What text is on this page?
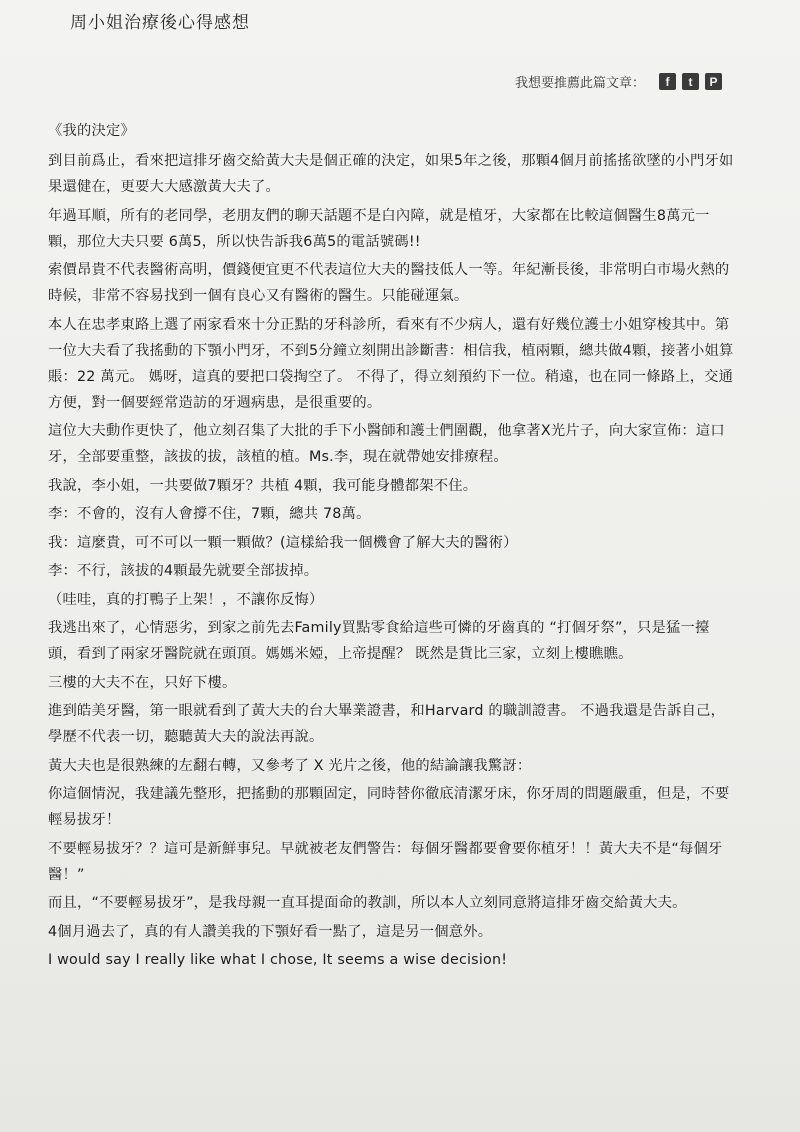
周小姐治療後心得感想
我想要推薦此篇文章：	f	t	P

《我的決定》

到目前爲止，看來把這排牙齒交給黃大夫是個正確的決定，如果5年之後，那顆4個月前搖搖欲墜的小門牙如果還健在，更要大大感激黃大夫了。

年過耳順，所有的老同學，老朋友們的聊天話題不是白內障，就是植牙，大家都在比較這個醫生8萬元一顆，那位大夫只要 6萬5，所以快告訴我6萬5的電話號碼!!

索價昂貴不代表醫術高明，價錢便宜更不代表這位大夫的醫技低人一等。年紀漸長後，非常明白市場火熱的時候，非常不容易找到一個有良心又有醫術的醫生。只能碰運氣。

本人在忠孝東路上選了兩家看來十分正點的牙科診所，看來有不少病人，還有好幾位護士小姐穿梭其中。第一位大夫看了我搖動的下顎小門牙，不到5分鐘立刻開出診斷書：相信我，植兩顆，總共做4顆，接著小姐算賬：22 萬元。 媽呀，這真的要把口袋掏空了。 不得了，得立刻預約下一位。稍遠，也在同一條路上，交通方便，對一個要經常造訪的牙週病患，是很重要的。

這位大夫動作更快了，他立刻召集了大批的手下小醫師和護士們圍觀，他拿著X光片子，向大家宣佈：這口牙，全部要重整，該拔的拔，該植的植。Ms.李，現在就帶她安排療程。

我說，李小姐，一共要做7顆牙？共植 4顆，我可能身體都架不住。

李：不會的，沒有人會撐不住，7顆，總共 78萬。

我：這麼貴，可不可以一顆一顆做？(這樣給我一個機會了解大夫的醫術）

李：不行，該拔的4顆最先就要全部拔掉。

（哇哇，真的打鴨子上架！，不讓你反悔）

我逃出來了，心情惡劣，到家之前先去Family買點零食給這些可憐的牙齒真的 “打個牙祭”，只是猛一擡頭，看到了兩家牙醫院就在頭頂。媽媽米婭，上帝提醒？ 既然是貨比三家，立刻上樓瞧瞧。

三樓的大夫不在，只好下樓。

進到皓美牙醫，第一眼就看到了黃大夫的台大畢業證書，和Harvard 的職訓證書。 不過我還是告訴自己，學歷不代表一切，聽聽黃大夫的說法再說。

黃大夫也是很熟練的左翻右轉，又參考了 X 光片之後，他的結論讓我驚訝：

你這個情況，我建議先整形，把搖動的那顆固定，同時替你徹底清潔牙床，你牙周的問題嚴重，但是，不要輕易拔牙！

不要輕易拔牙？？這可是新鮮事兒。早就被老友們警告：每個牙醫都要會要你植牙！！黃大夫不是“每個牙醫！”

而且，“不要輕易拔牙”，是我母親一直耳提面命的教訓，所以本人立刻同意將這排牙齒交給黃大夫。

4個月過去了，真的有人讚美我的下顎好看一點了，這是另一個意外。

I would say I really like what I chose, It seems a wise decision!
